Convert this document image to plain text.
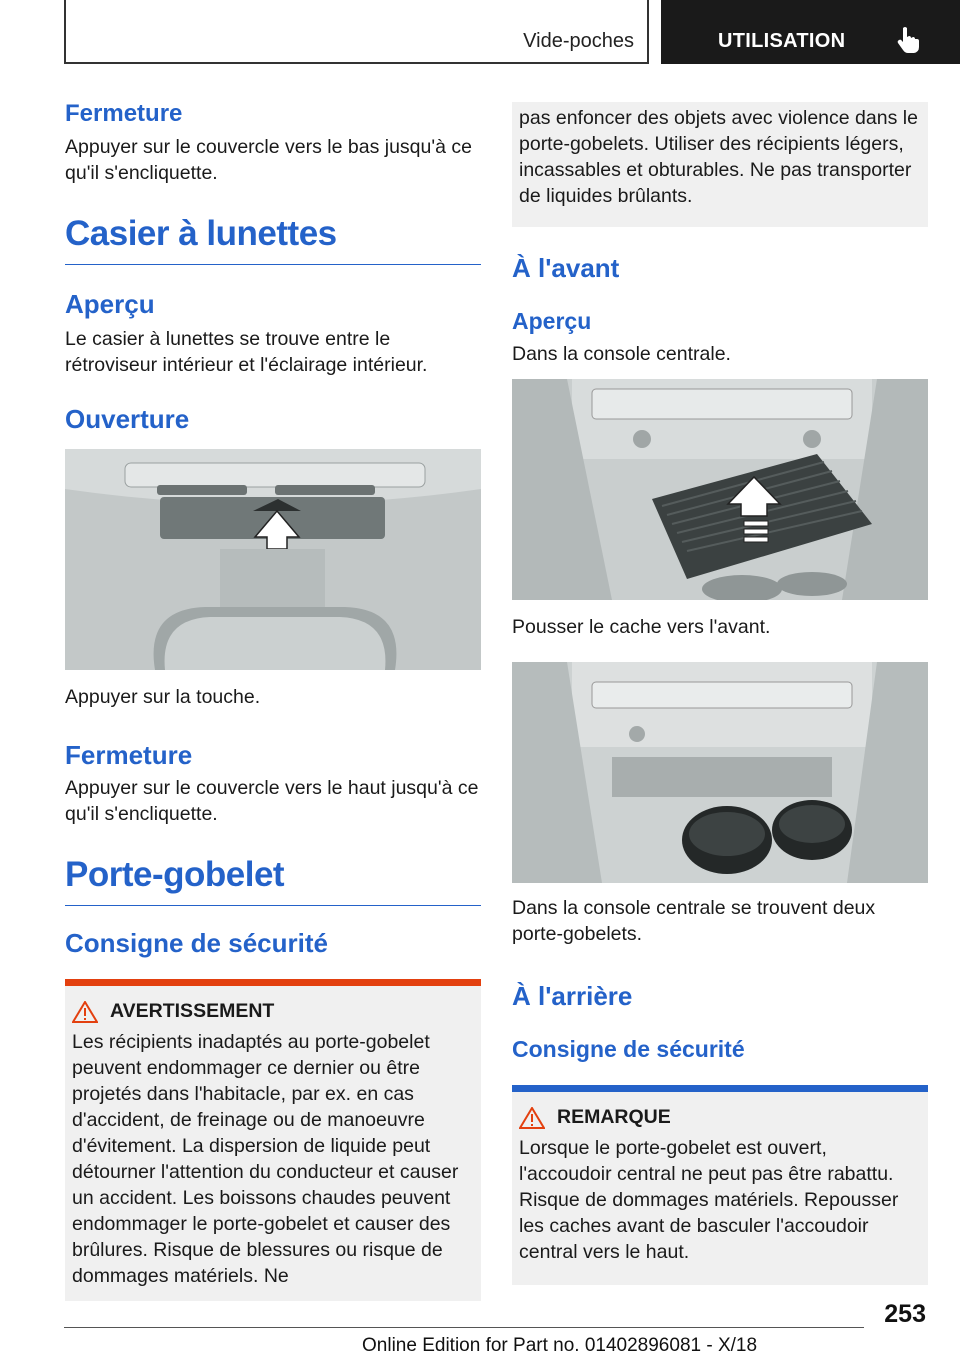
Vide-poches	UTILISATION
Fermeture

Appuyer sur le couvercle vers le bas jusqu'à ce qu'il s'encliquette.

Casier à lunettes
Aperçu

Le casier à lunettes se trouve entre le rétroviseur intérieur et l'éclairage intérieur.

Ouverture

Appuyer sur la touche.

Fermeture

Appuyer sur le couvercle vers le haut jusqu'à ce qu'il s'encliquette.

Porte-gobelet
Consigne de sécurité
AVERTISSEMENT
Les récipients inadaptés au porte-gobelet peuvent endommager ce dernier ou être projetés dans l'habitacle, par ex. en cas d'accident, de freinage ou de manoeuvre d'évitement. La dispersion de liquide peut détourner l'attention du conducteur et causer un accident. Les boissons chaudes peuvent endommager le porte-gobelet et causer des brûlures. Risque de blessures ou risque de dommages matériels. Ne
pas enfoncer des objets avec violence dans le porte-gobelets. Utiliser des récipients légers, incassables et obturables. Ne pas transporter de liquides brûlants.
À l'avant
Aperçu

Dans la console centrale.

Pousser le cache vers l'avant.

Dans la console centrale se trouvent deux porte-gobelets.

À l'arrière
Consigne de sécurité
REMARQUE
Lorsque le porte-gobelet est ouvert, l'accoudoir central ne peut pas être rabattu. Risque de dommages matériels. Repousser les caches avant de basculer l'accoudoir central vers le haut.
253
Online Edition for Part no. 01402896081 - X/18
